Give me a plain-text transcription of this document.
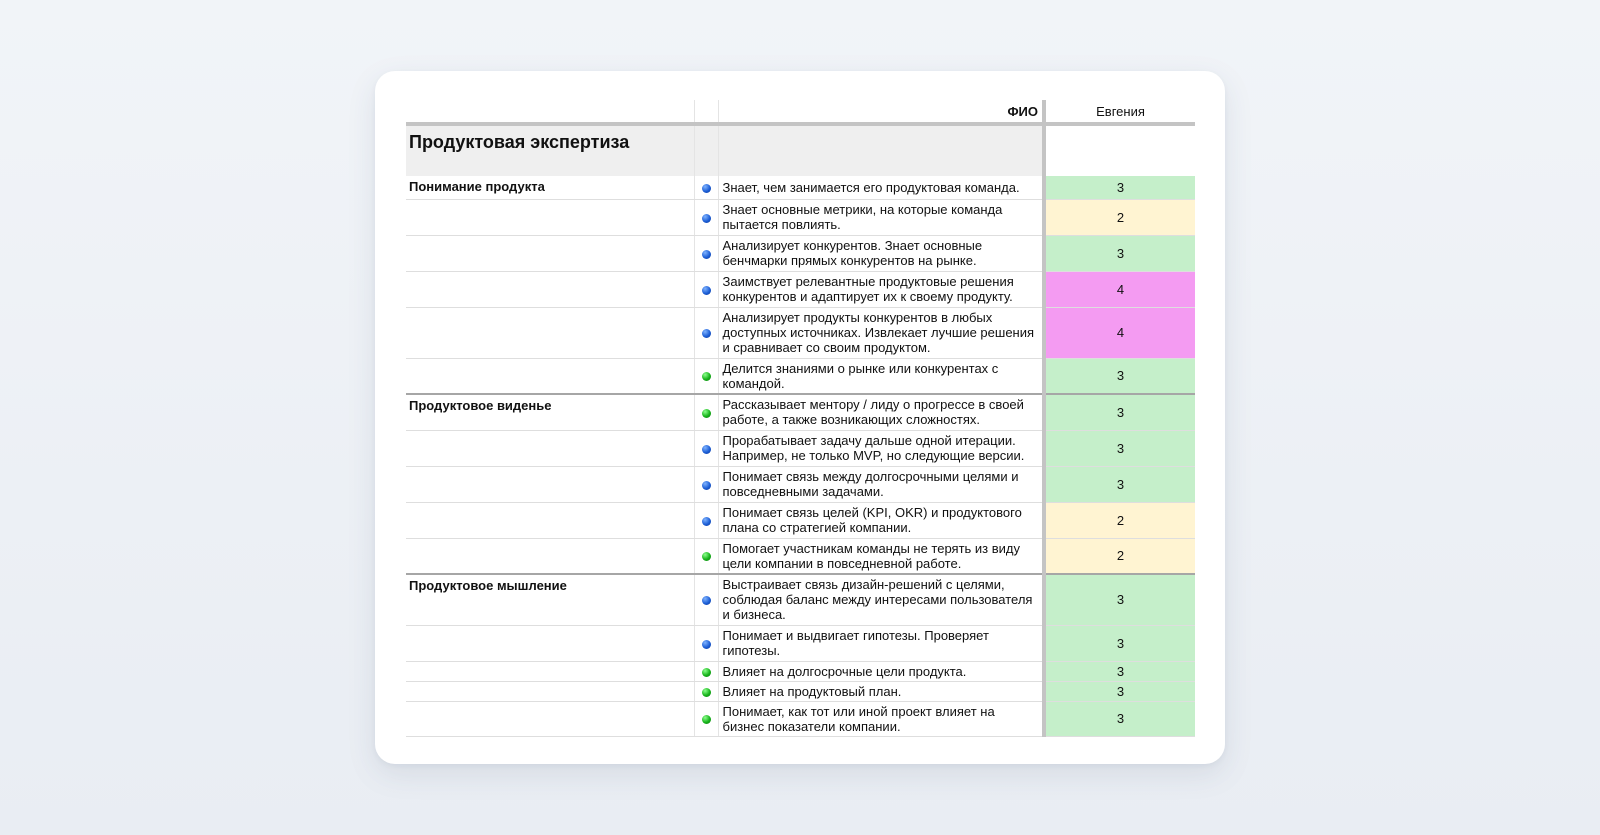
		ФИО	Евгения
Продуктовая экспертиза			
Понимание продукта		Знает, чем занимается его продуктовая команда.	3
		Знает основные метрики, на которые команда пытается повлиять.	2
		Анализирует конкурентов. Знает основные бенчмарки прямых конкурентов на рынке.	3
		Заимствует релевантные продуктовые решения конкурентов и адаптирует их к своему продукту.	4
		Анализирует продукты конкурентов в любых доступных источниках. Извлекает лучшие решения и сравнивает со своим продуктом.	4
		Делится знаниями о рынке или конкурентах с командой.	3
Продуктовое виденье		Рассказывает ментору / лиду о прогрессе в своей работе, а также возникающих сложностях.	3
		Прорабатывает задачу дальше одной итерации. Например, не только MVP, но следующие версии.	3
		Понимает связь между долгосрочными целями и повседневными задачами.	3
		Понимает связь целей (KPI, OKR) и продуктового плана со стратегией компании.	2
		Помогает участникам команды не терять из виду цели компании в повседневной работе.	2
Продуктовое мышление		Выстраивает связь дизайн-решений с целями, соблюдая баланс между интересами пользователя и бизнеса.	3
		Понимает и выдвигает гипотезы. Проверяет гипотезы.	3
		Влияет на долгосрочные цели продукта.	3
		Влияет на продуктовый план.	3
		Понимает, как тот или иной проект влияет на бизнес показатели компании.	3
